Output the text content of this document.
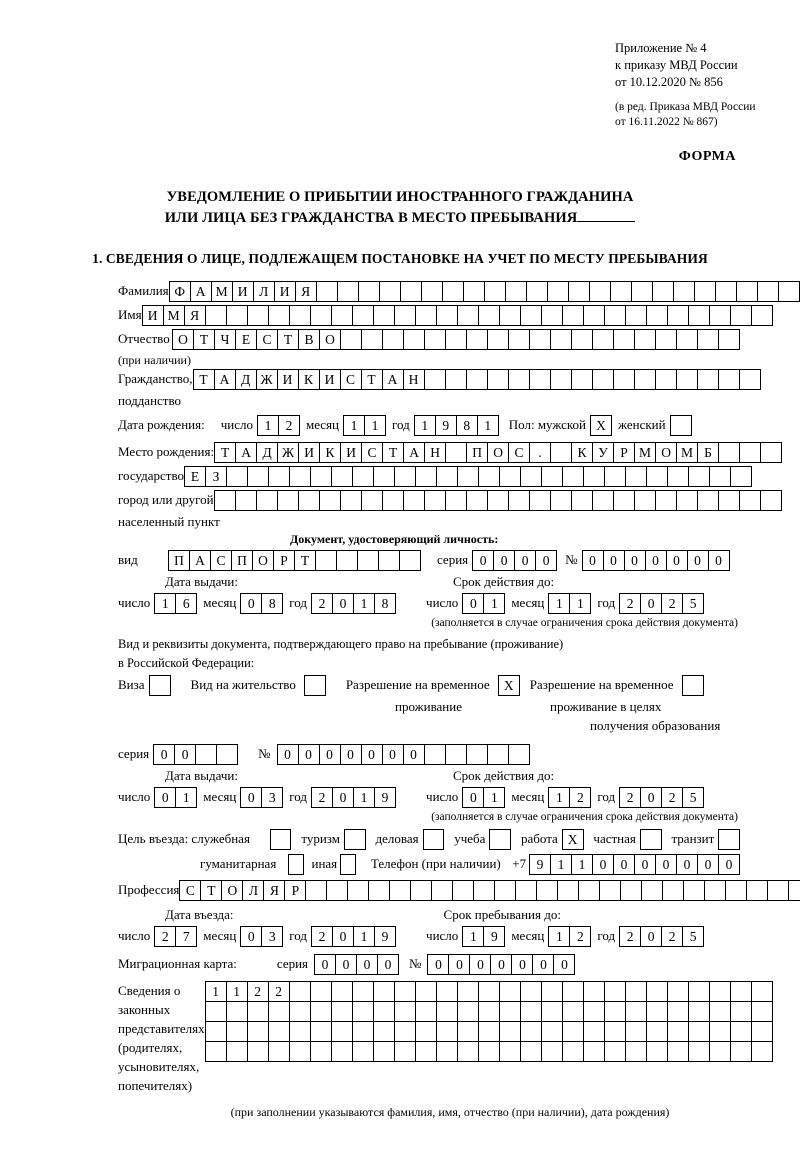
Приложение № 4
к приказу МВД России
от 10.12.2020 № 856
(в ред. Приказа МВД России
от 16.11.2022 № 867)
ФОРМА
УВЕДОМЛЕНИЕ О ПРИБЫТИИ ИНОСТРАННОГО ГРАЖДАНИНА
ИЛИ ЛИЦА БЕЗ ГРАЖДАНСТВА В МЕСТО ПРЕБЫВАНИЯ
1. СВЕДЕНИЯ О ЛИЦЕ, ПОДЛЕЖАЩЕМ ПОСТАНОВКЕ НА УЧЕТ ПО МЕСТУ ПРЕБЫВАНИЯ
Фамилия Ф А М И Л И Я
Имя И М Я
Отчество О Т Ч Е С Т В О
(при наличии)
Гражданство, Т А Д Ж И К И С Т А Н
подданство
Дата рождения: число 1	2	месяц 1	1	год 1	9	8	1	Пол: мужской X женский
Место рождения: Т А Д Ж И К И С Т А Н	П О С	.	К У Р М О М Б
государство Е З
город или другой
населенный пункт
Документ, удостоверяющий личность:
вид	П А С П О Р Т	серия 0	0	0	0	№ 0	0	0	0	0	0	0
Дата выдачи:	Срок действия до:
число 1	6	месяц 0	8	год 2	0	1	8	число 0	1	месяц 1	1	год 2	0	2	5
(заполняется в случае ограничения срока действия документа)
Вид и реквизиты документа, подтверждающего право на пребывание (проживание)
в Российской Федерации:
Виза	Вид на жительство	Разрешение на временное	X	Разрешение на временное
проживание	проживание в целях
получения образования
серия 0	0	№	0	0	0	0	0	0	0
Дата выдачи:	Срок действия до:
число 0	1	месяц 0	3	год 2	0	1	9	число 0	1	месяц 1	2	год 2	0	2	5
(заполняется в случае ограничения срока действия документа)
Цель въезда: служебная	туризм	деловая	учеба	работа X	частная	транзит
гуманитарная	иная	Телефон (при наличии) +7 9	1	1	0	0	0	0	0	0	0
Профессия С Т О Л Я Р
Дата въезда:	Срок пребывания до:
число 2	7	месяц 0	3	год 2	0	1	9	число 1	9	месяц 1	2	год 2	0	2	5
Миграционная карта:	серия	0	0	0	0	№	0	0	0	0	0	0	0
Сведения о
законных
представителях
(родителях,
усыновителях,
попечителях)
1	1	2	2
(при заполнении указываются фамилия, имя, отчество (при наличии), дата рождения)
